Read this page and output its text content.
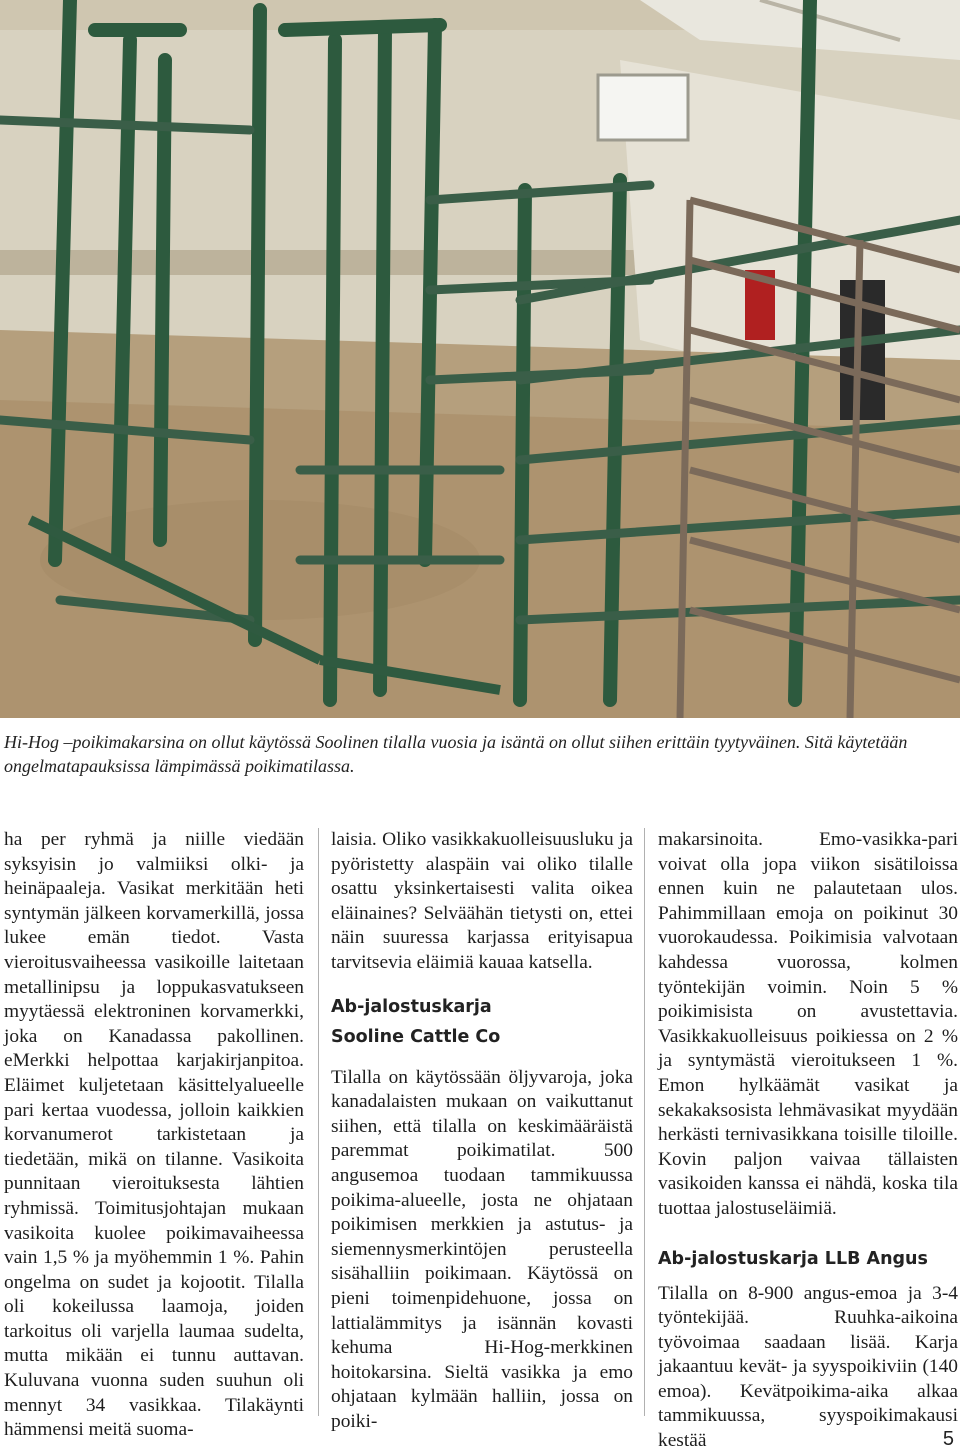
Hi-Hog –poikimakarsina on ollut käytössä Soolinen tilalla vuosia ja isäntä on ollut siihen erittäin tyytyväinen. Sitä käytetään ongelmatapauksissa lämpimässä poikimatilassa.

ha per ryhmä ja niille viedään syksyisin jo valmiiksi olki- ja heinäpaaleja. Vasikat merkitään heti syntymän jälkeen korvamerkillä, jossa lukee emän tiedot. Vasta vieroitusvaiheessa vasikoille laitetaan metallinipsu ja loppukasvatukseen myytäessä elektroninen korvamerkki, joka on Kanadassa pakollinen. eMerkki helpottaa karjakirjanpitoa. Eläimet kuljetetaan käsittelyalueelle pari kertaa vuodessa, jolloin kaikkien korvanumerot tarkistetaan ja tiedetään, mikä on tilanne. Vasikoita punnitaan vieroituksesta lähtien ryhmissä. Toimitusjohtajan mukaan vasikoita kuolee poikimavaiheessa vain 1,5 % ja myöhemmin 1 %. Pahin ongelma on sudet ja kojootit. Tilalla oli kokeilussa laamoja, joiden tarkoitus oli varjella laumaa sudelta, mutta mikään ei tunnu auttavan. Kuluvana vuonna suden suuhun oli mennyt 34 vasikkaa. Tilakäynti hämmensi meitä suoma-

laisia. Oliko vasikkakuolleisuusluku ja pyöristetty alaspäin vai oliko tilalle osattu yksinkertaisesti valita oikea eläinaines? Selväähän tietysti on, ettei näin suuressa karjassa erityisapua tarvitsevia eläimiä kauaa katsella.

Ab-jalostuskarja
Sooline Cattle Co

Tilalla on käytössään öljyvaroja, joka kanadalaisten mukaan on vaikuttanut siihen, että tilalla on keskimääräistä paremmat poikimatilat. 500 angusemoa tuodaan tammikuussa poikima-alueelle, josta ne ohjataan poikimisen merkkien ja astutus- ja siemennysmerkintöjen perusteella sisähalliin poikimaan. Käytössä on pieni toimenpidehuone, jossa on lattialämmitys ja isännän kovasti kehuma Hi-Hog-merkkinen hoitokarsina. Sieltä vasikka ja emo ohjataan kylmään halliin, jossa on poiki-

makarsinoita. Emo-vasikka-pari voivat olla jopa viikon sisätiloissa ennen kuin ne palautetaan ulos. Pahimmillaan emoja on poikinut 30 vuorokaudessa. Poikimisia valvotaan kahdessa vuorossa, kolmen työntekijän voimin. Noin 5 % poikimisista on avustettavia. Vasikkakuolleisuus poikiessa on 2 % ja syntymästä vieroitukseen 1 %. Emon hylkäämät vasikat ja sekakaksosista lehmävasikat myydään herkästi ternivasikkana toisille tiloille. Kovin paljon vaivaa tällaisten vasikoiden kanssa ei nähdä, koska tila tuottaa jalostuseläimiä.

Ab-jalostuskarja LLB Angus

Tilalla on 8-900 angus-emoa ja 3-4 työntekijää. Ruuhka-aikoina työvoimaa saadaan lisää. Karja jakaantuu kevät- ja syyspoikiviin (140 emoa). Kevätpoikima-aika alkaa tammikuussa, syyspoikimakausi kestää	5
